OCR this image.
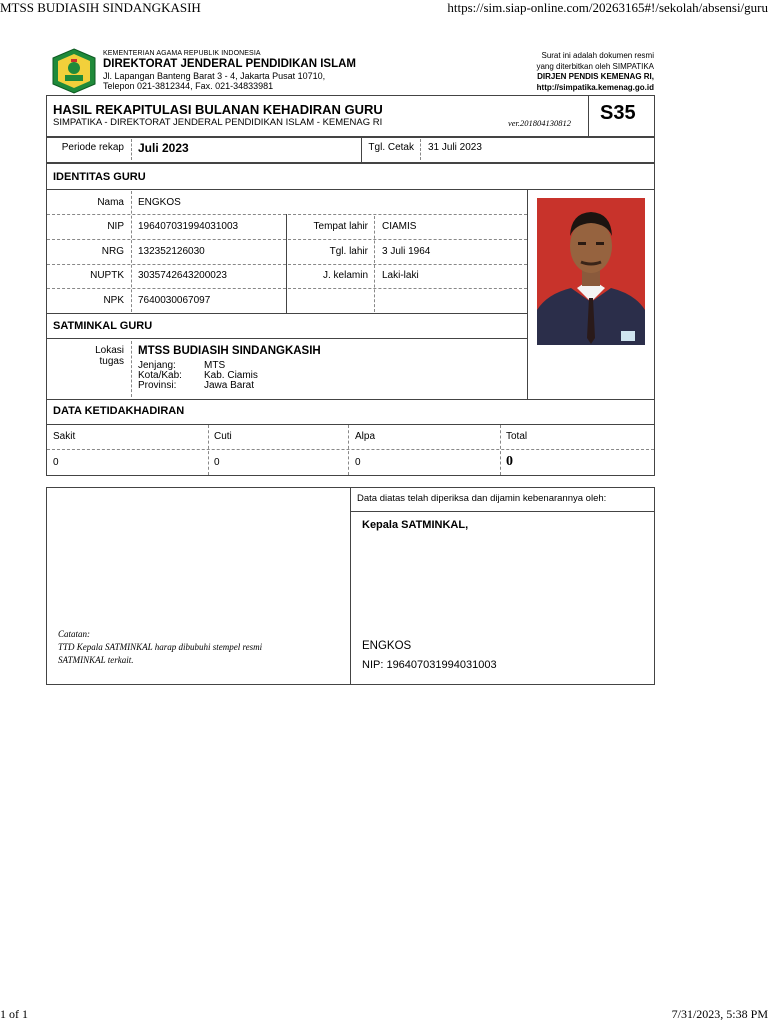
MTSS BUDIASIH SINDANGKASIH	https://sim.siap-online.com/20263165#!/sekolah/absensi/guru
1 of 1	7/31/2023, 5:38 PM
KEMENTERIAN AGAMA REPUBLIK INDONESIA
DIREKTORAT JENDERAL PENDIDIKAN ISLAM
Jl. Lapangan Banteng Barat 3 - 4, Jakarta Pusat 10710,
Telepon 021-3812344, Fax. 021-34833981
Surat ini adalah dokumen resmi
yang diterbitkan oleh SIMPATIKA
DIRJEN PENDIS KEMENAG RI,
http://simpatika.kemenag.go.id
HASIL REKAPITULASI BULANAN KEHADIRAN GURU
SIMPATIKA - DIREKTORAT JENDERAL PENDIDIKAN ISLAM - KEMENAG RI	ver.201804130812 S35
Periode rekap Juli 2023	Tgl. Cetak 31 Juli 2023
IDENTITAS GURU
Nama ENGKOS
NIP 196407031994031003	Tempat lahir CIAMIS
NRG 132352126030	Tgl. lahir 3 Juli 1964
NUPTK 3035742643200023	J. kelamin Laki-laki
NPK 7640030067097
SATMINKAL GURU
Lokasi
tugas
MTSS BUDIASIH SINDANGKASIH
Jenjang:	MTS
Kota/Kab: Kab. Ciamis
Provinsi:	Jawa Barat
DATA KETIDAKHADIRAN
Sakit	Cuti	Alpa	Total
0	0	0	0
Data diatas telah diperiksa dan dijamin kebenarannya oleh:
Kepala SATMINKAL,
ENGKOS
NIP: 196407031994031003
Catatan:
TTD Kepala SATMINKAL harap dibubuhi stempel resmi
SATMINKAL terkait.
